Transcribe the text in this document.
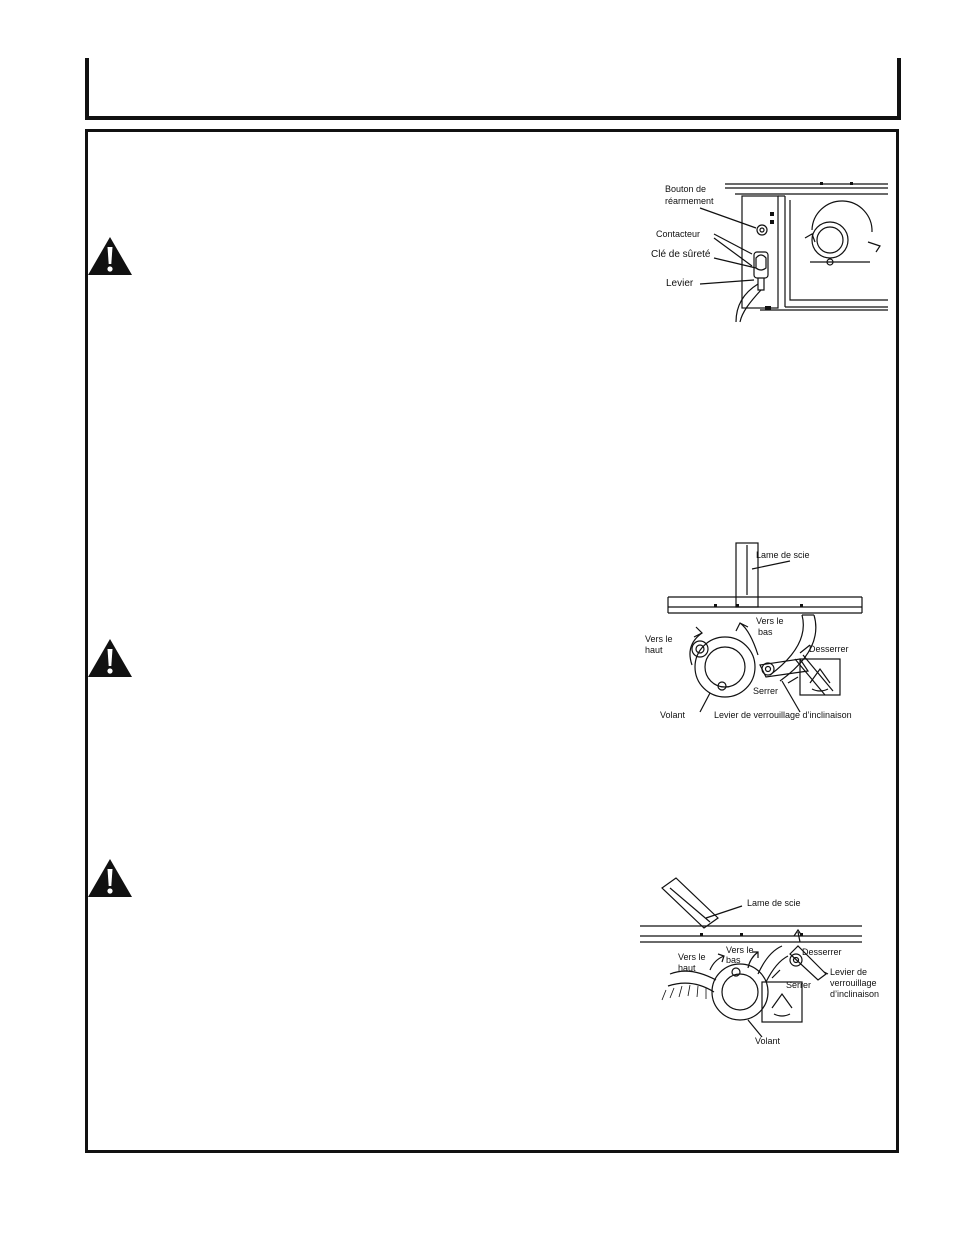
Bouton de
réarmement
Contacteur
Clé de sûreté
Levier
Lame de scie
Vers le
bas
Vers le
haut	Desserrer
Serrer
Volant	Levier de verrouillage d’inclinaison
Lame de scie
Vers le
bas
Vers le
haut
Desserrer
Levier de
verrouillage
d’inclinaison
Serrer
Volant
